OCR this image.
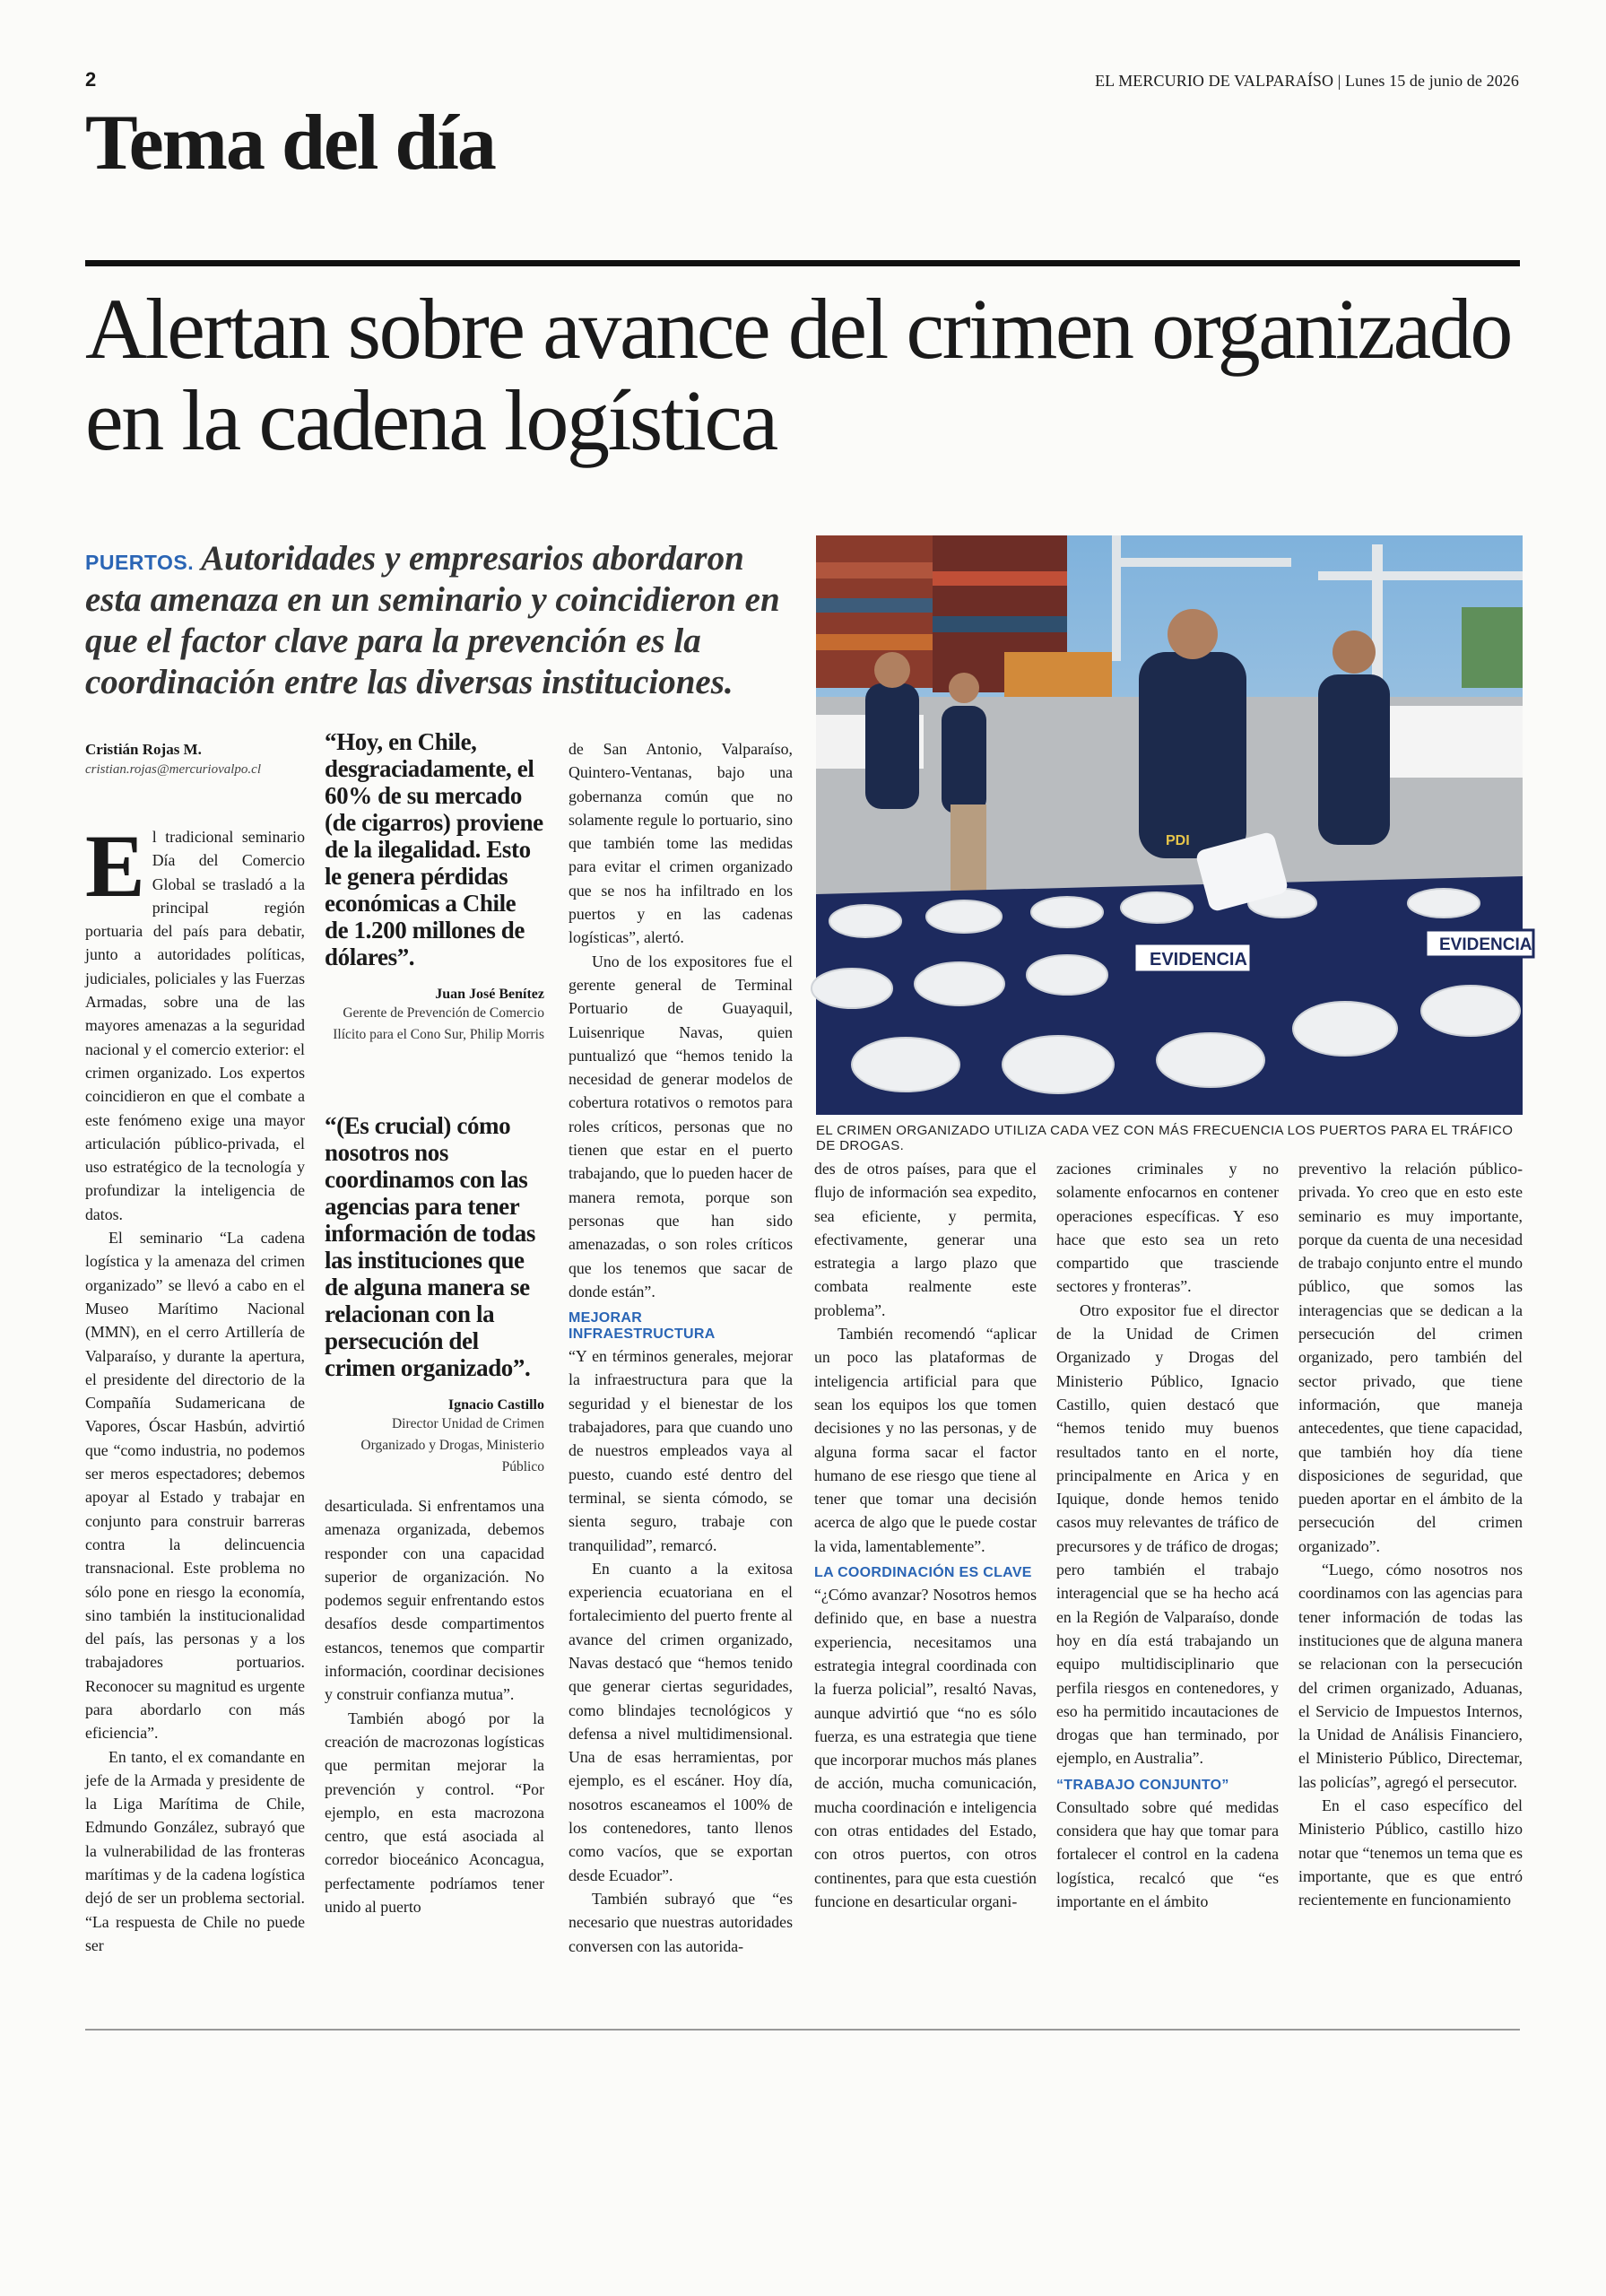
2	EL MERCURIO DE VALPARAÍSO | Lunes 15 de junio de 2026
Tema del día
Alertan sobre avance del crimen organizado en la cadena logística
PUERTOS. Autoridades y empresarios abordaron esta amenaza en un seminario y coincidieron en que el factor clave para la prevención es la coordinación entre las diversas instituciones.
Cristián Rojas M.
cristian.rojas@mercuriovalpo.cl
E l tradicional seminario Día del Comercio Global se trasladó a la principal región portuaria del país para debatir, junto a autoridades políticas, judiciales, policiales y las Fuerzas Armadas, sobre una de las mayores amenazas a la seguridad nacional y el comercio exterior: el crimen organizado. Los expertos coincidieron en que el combate a este fenómeno exige una mayor articulación público-privada, el uso estratégico de la tecnología y profundizar la inteligencia de datos.

El seminario “La cadena logística y la amenaza del crimen organizado” se llevó a cabo en el Museo Marítimo Nacional (MMN), en el cerro Artillería de Valparaíso, y durante la apertura, el presidente del directorio de la Compañía Sudamericana de Vapores, Óscar Hasbún, advirtió que “como industria, no podemos ser meros espectadores; debemos apoyar al Estado y trabajar en conjunto para construir barreras contra la delincuencia transnacional. Este problema no sólo pone en riesgo la economía, sino también la institucionalidad del país, las personas y a los trabajadores portuarios. Reconocer su magnitud es urgente para abordarlo con más eficiencia”.

En tanto, el ex comandante en jefe de la Armada y presidente de la Liga Marítima de Chile, Edmundo González, subrayó que la vulnerabilidad de las fronteras marítimas y de la cadena logística dejó de ser un problema sectorial. “La respuesta de Chile no puede ser

“Hoy, en Chile, desgraciadamente, el 60% de su mercado (de cigarros) proviene de la ilegalidad. Esto le genera pérdidas económicas a Chile de 1.200 millones de dólares”.
Juan José Benítez
Gerente de Prevención de Comercio Ilícito para el Cono Sur, Philip Morris
“(Es crucial) cómo nosotros nos coordinamos con las agencias para tener información de todas las instituciones que de alguna manera se relacionan con la persecución del crimen organizado”.
Ignacio Castillo
Director Unidad de Crimen Organizado y Drogas, Ministerio Público

desarticulada. Si enfrentamos una amenaza organizada, debemos responder con una capacidad superior de organización. No podemos seguir enfrentando estos desafíos desde compartimentos estancos, tenemos que compartir información, coordinar decisiones y construir confianza mutua”.

También abogó por la creación de macrozonas logísticas que permitan mejorar la prevención y control. “Por ejemplo, en esta macrozona centro, que está asociada al corredor bioceánico Aconcagua, perfectamente podríamos tener unido al puerto

de San Antonio, Valparaíso, Quintero-Ventanas, bajo una gobernanza común que no solamente regule lo portuario, sino que también tome las medidas para evitar el crimen organizado que se nos ha infiltrado en los puertos y en las cadenas logísticas”, alertó.

Uno de los expositores fue el gerente general de Terminal Portuario de Guayaquil, Luisenrique Navas, quien puntualizó que “hemos tenido la necesidad de generar modelos de cobertura rotativos o remotos para roles críticos, personas que no tienen que estar en el puerto trabajando, que lo pueden hacer de manera remota, porque son personas que han sido amenazadas, o son roles críticos que los tenemos que sacar de donde están”.

MEJORAR INFRAESTRUCTURA

“Y en términos generales, mejorar la infraestructura para que la seguridad y el bienestar de los trabajadores, para que cuando uno de nuestros empleados vaya al puesto, cuando esté dentro del terminal, se sienta cómodo, se sienta seguro, trabaje con tranquilidad”, remarcó.

En cuanto a la exitosa experiencia ecuatoriana en el fortalecimiento del puerto frente al avance del crimen organizado, Navas destacó que “hemos tenido que generar ciertas seguridades, como blindajes tecnológicos y defensa a nivel multidimensional. Una de esas herramientas, por ejemplo, es el escáner. Hoy día, nosotros escaneamos el 100% de los contenedores, tanto llenos como vacíos, que se exportan desde Ecuador”.

También subrayó que “es necesario que nuestras autoridades conversen con las autorida-

PDI
EVIDENCIA
EVIDENCIA
EL CRIMEN ORGANIZADO UTILIZA CADA VEZ CON MÁS FRECUENCIA LOS PUERTOS PARA EL TRÁFICO DE DROGAS.

des de otros países, para que el flujo de información sea expedito, sea eficiente, y permita, efectivamente, generar una estrategia a largo plazo que combata realmente este problema”.

También recomendó “aplicar un poco las plataformas de inteligencia artificial para que sean los equipos los que tomen decisiones y no las personas, y de alguna forma sacar el factor humano de ese riesgo que tiene al tener que tomar una decisión acerca de algo que le puede costar la vida, lamentablemente”.

LA COORDINACIÓN ES CLAVE

“¿Cómo avanzar? Nosotros hemos definido que, en base a nuestra experiencia, necesitamos una estrategia integral coordinada con la fuerza policial”, resaltó Navas, aunque advirtió que “no es sólo fuerza, es una estrategia que tiene que incorporar muchos más planes de acción, mucha comunicación, mucha coordinación e inteligencia con otras entidades del Estado, con otros puertos, con otros continentes, para que esta cuestión funcione en desarticular organi-

zaciones criminales y no solamente enfocarnos en contener operaciones específicas. Y eso hace que esto sea un reto compartido que trasciende sectores y fronteras”.

Otro expositor fue el director de la Unidad de Crimen Organizado y Drogas del Ministerio Público, Ignacio Castillo, quien destacó que “hemos tenido muy buenos resultados tanto en el norte, principalmente en Arica y en Iquique, donde hemos tenido casos muy relevantes de tráfico de precursores y de tráfico de drogas; pero también el trabajo interagencial que se ha hecho acá en la Región de Valparaíso, donde hoy en día está trabajando un equipo multidisciplinario que perfila riesgos en contenedores, y eso ha permitido incautaciones de drogas que han terminado, por ejemplo, en Australia”.

“TRABAJO CONJUNTO”

Consultado sobre qué medidas considera que hay que tomar para fortalecer el control en la cadena logística, recalcó que “es importante en el ámbito

preventivo la relación público-privada. Yo creo que en esto este seminario es muy importante, porque da cuenta de una necesidad de trabajo conjunto entre el mundo público, que somos las interagencias que se dedican a la persecución del crimen organizado, pero también del sector privado, que tiene información, que maneja antecedentes, que tiene capacidad, que también hoy día tiene disposiciones de seguridad, que pueden aportar en el ámbito de la persecución del crimen organizado”.

“Luego, cómo nosotros nos coordinamos con las agencias para tener información de todas las instituciones que de alguna manera se relacionan con la persecución del crimen organizado, Aduanas, el Servicio de Impuestos Internos, la Unidad de Análisis Financiero, el Ministerio Público, Directemar, las policías”, agregó el persecutor.

En el caso específico del Ministerio Público, castillo hizo notar que “tenemos un tema que es importante, que es que entró recientemente en funcionamiento
